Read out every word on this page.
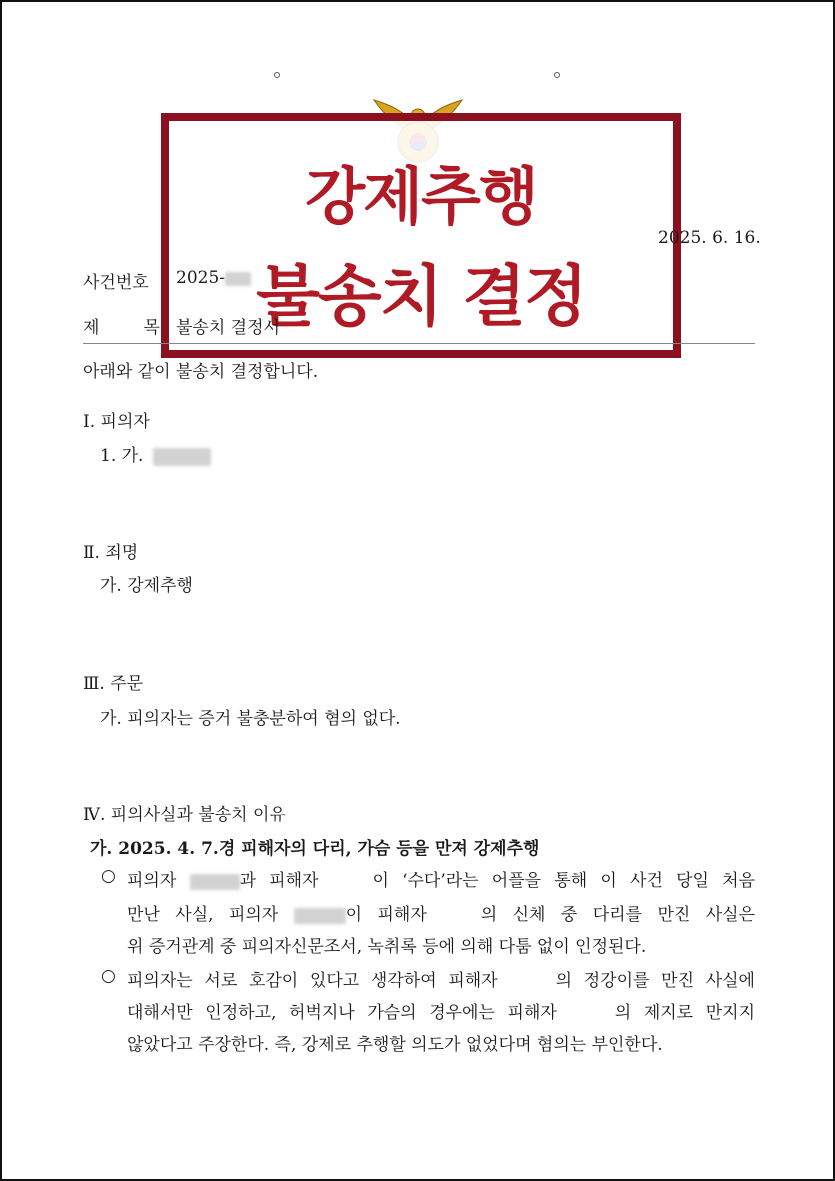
강제추행
불송치 결정
2025. 6. 16.
사건번호 2025-
제	목 불송치 결정서
아래와 같이 불송치 결정합니다.
Ⅰ. 피의자
1. 가.
Ⅱ. 죄명
가. 강제추행
Ⅲ. 주문
가. 피의자는 증거 불충분하여 혐의 없다.
Ⅳ. 피의사실과 불송치 이유
가. 2025. 4. 7.경 피해자의 다리, 가슴 등을 만져 강제추행
○ 피의자	과 피해자	이 ‘수다’라는 어플을 통해 이 사건 당일 처음
만난 사실, 피의자	이 피해자	의 신체 중 다리를 만진 사실은
위 증거관계 중 피의자신문조서, 녹취록 등에 의해 다툼 없이 인정된다.
○ 피의자는 서로 호감이 있다고 생각하여 피해자	의 정강이를 만진 사실에
대해서만 인정하고, 허벅지나 가슴의 경우에는 피해자	의 제지로 만지지
않았다고 주장한다. 즉, 강제로 추행할 의도가 없었다며 혐의는 부인한다.
